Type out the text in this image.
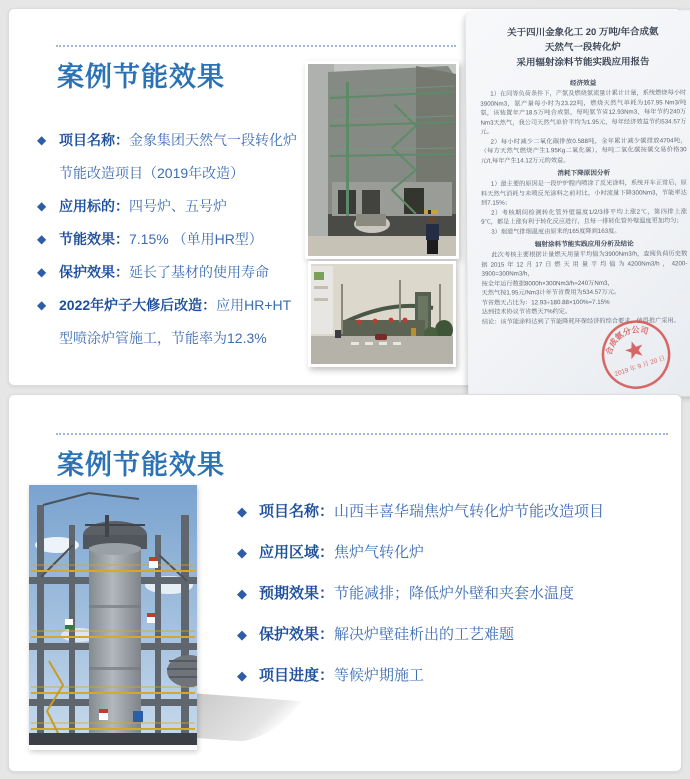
案例节能效果
◆ 项目名称：金象集团天然气一段转化炉节能改造项目（2019年改造）
◆ 应用标的：四号炉、五号炉
◆ 节能效果：7.15% （单用HR型）
◆ 保护效果：延长了基材的使用寿命
◆ 2022年炉子大修后改造：应用HR+HT型喷涂炉管施工，节能率为12.3%
关于四川金象化工 20 万吨/年合成氨
天然气一段转化炉
采用辐射涂料节能实践应用报告
经济效益

1）在同等负荷条件下，产氨及燃烧氨流量计累计计量，系统燃烧每小时3900Nm3，氨产量每小时为23.22吨，燃烧天然气单耗为167.95 Nm3/吨氨，该装置年产18.5万吨合成氨，每吨氨节省12.93Nm3，每年节约240万Nm3天然气，我公司天然气单价平均为1.95元，每年经济效益节约534.57万元。

2）每小时减少二氧化碳排放0.588吨，全年累计减少碳排放4704吨，（每方天然气燃烧产生1.95Kg二氧化碳），每吨二氧化碳按碳交易价格30元/t,每年产生14.12万元的效益。

消耗下降原因分析

1）最主要的原因是一段炉炉膛内喷涂了反光涂料，系统开车正常后，原料天然气消耗与未喷反光涂料之前对比，小时流量下降300Nm3，节能率达到7.15%；

2）考核期间检测转化管外壁温度1/2/3排平均上涨2℃，第四排上涨9℃，都是上涨有利于转化反应进行，且每一排转化管外壁温度更加均匀；

3）烟道气排烟温度由原来的165度降到163度。

辐射涂料节能实践应用分析及结论

此次考核主要根据计量燃天用量平均值为3900Nm3/h，查阅负荷历史数据2015年12月17日燃天用量平均值为4200Nm3/h，4200-3900=300Nm3/h，

按全年运行数据8000h×300Nm3/h=240万Nm3，

天然气按1.95元/Nm3计年节省费用为534.57万元。

节省燃天占比为：12.93÷180.88×100%=7.15%

达到技术协议节省燃天7%约定。

结论：该节能涂料达到了节能降耗环保经济的综合要求，值得推广采用。

合成氨分公司
2019 年 9 月 20 日
案例节能效果
◆ 项目名称：山西丰喜华瑞焦炉气转化炉节能改造项目
◆ 应用区域：焦炉气转化炉
◆ 预期效果：节能减排；降低炉外壁和夹套水温度
◆ 保护效果：解决炉壁硅析出的工艺难题
◆ 项目进度：等候炉期施工
